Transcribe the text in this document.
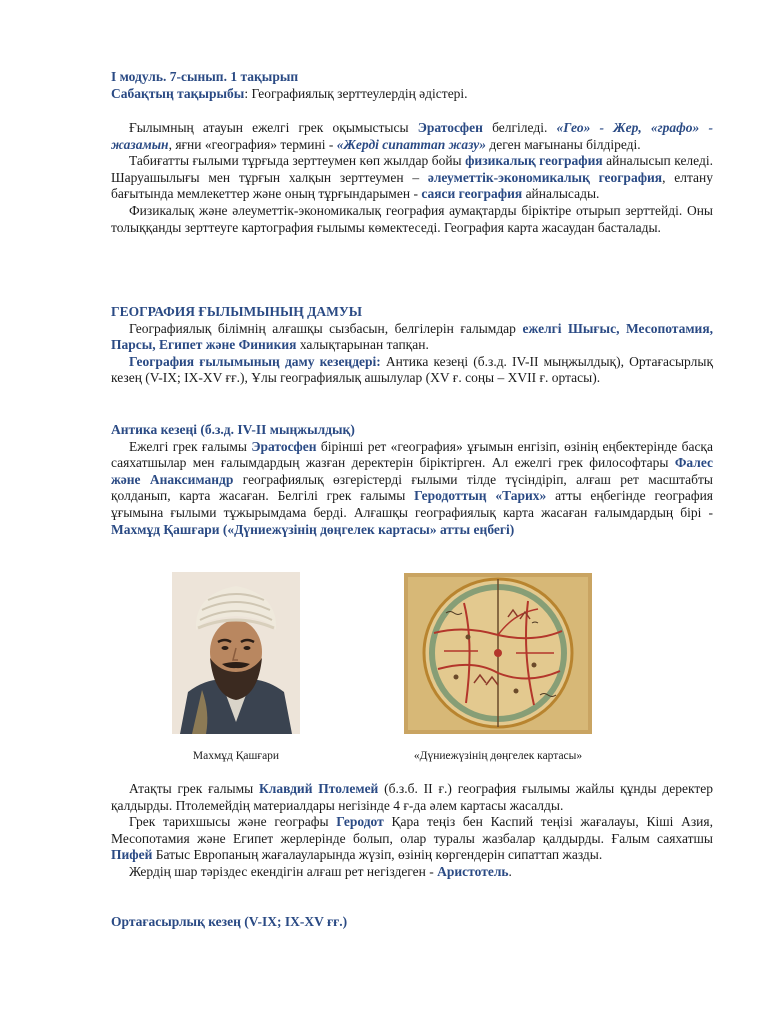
I модуль. 7-сынып. 1 тақырып
Сабақтың тақырыбы: Географиялық зерттеулердің әдістері.

Ғылымның атауын ежелгі грек оқымыстысы Эратосфен белгіледі. «Гео» - Жер, «графо» - жазамын, яғни «география» термині - «Жерді сипаттап жазу» деген мағынаны білдіреді.

Табиғатты ғылыми тұрғыда зерттеумен көп жылдар бойы физикалық география айналысып келеді. Шаруашылығы мен тұрғын халқын зерттеумен – әлеуметтік-экономикалық география, елтану бағытында мемлекеттер және оның тұрғындарымен - саяси география айналысады.

Физикалық және әлеуметтік-экономикалық география аумақтарды біріктіре отырып зерттейді. Оны толыққанды зерттеуге картография ғылымы көмектеседі. География карта жасаудан басталады.

ГЕОГРАФИЯ ҒЫЛЫМЫНЫҢ ДАМУЫ

Географиялық білімнің алғашқы сызбасын, белгілерін ғалымдар ежелгі Шығыс, Месопотамия, Парсы, Египет және Финикия халықтарынан тапқан.

География ғылымының даму кезеңдері: Антика кезеңі (б.з.д. IV-II мыңжылдық), Ортағасырлық кезең (V-IX; IX-XV ғғ.), Ұлы географиялық ашылулар (XV ғ. соңы – XVII ғ. ортасы).

Антика кезеңі (б.з.д. IV-II мыңжылдық)

Ежелгі грек ғалымы Эратосфен бірінші рет «география» ұғымын енгізіп, өзінің еңбектерінде басқа саяхатшылар мен ғалымдардың жазған деректерін біріктірген. Ал ежелгі грек философтары Фалес және Анаксимандр географиялық өзгерістерді ғылыми тілде түсіндіріп, алғаш рет масштабты қолданып, карта жасаған. Белгілі грек ғалымы Геродоттың «Тарих» атты еңбегінде география ұғымына ғылыми тұжырымдама берді. Алғашқы географиялық карта жасаған ғалымдардың бірі - Махмұд Қашғари («Дүниежүзінің дөңгелек картасы» атты еңбегі)

Махмұд Қашғари	«Дүниежүзінің дөңгелек картасы»

Атақты грек ғалымы Клавдий Птолемей (б.з.б. II ғ.) география ғылымы жайлы құнды деректер қалдырды. Птолемейдің материалдары негізінде 4 ғ-да әлем картасы жасалды.

Грек тарихшысы және географы Геродот Қара теңіз бен Каспий теңізі жағалауы, Кіші Азия, Месопотамия және Египет жерлерінде болып, олар туралы жазбалар қалдырды. Ғалым саяхатшы Пифей Батыс Европаның жағалауларында жүзіп, өзінің көргендерін сипаттап жазды.

Жердің шар тәріздес екендігін алғаш рет негіздеген - Аристотель.

Ортағасырлық кезең (V-IX; IX-XV ғғ.)
